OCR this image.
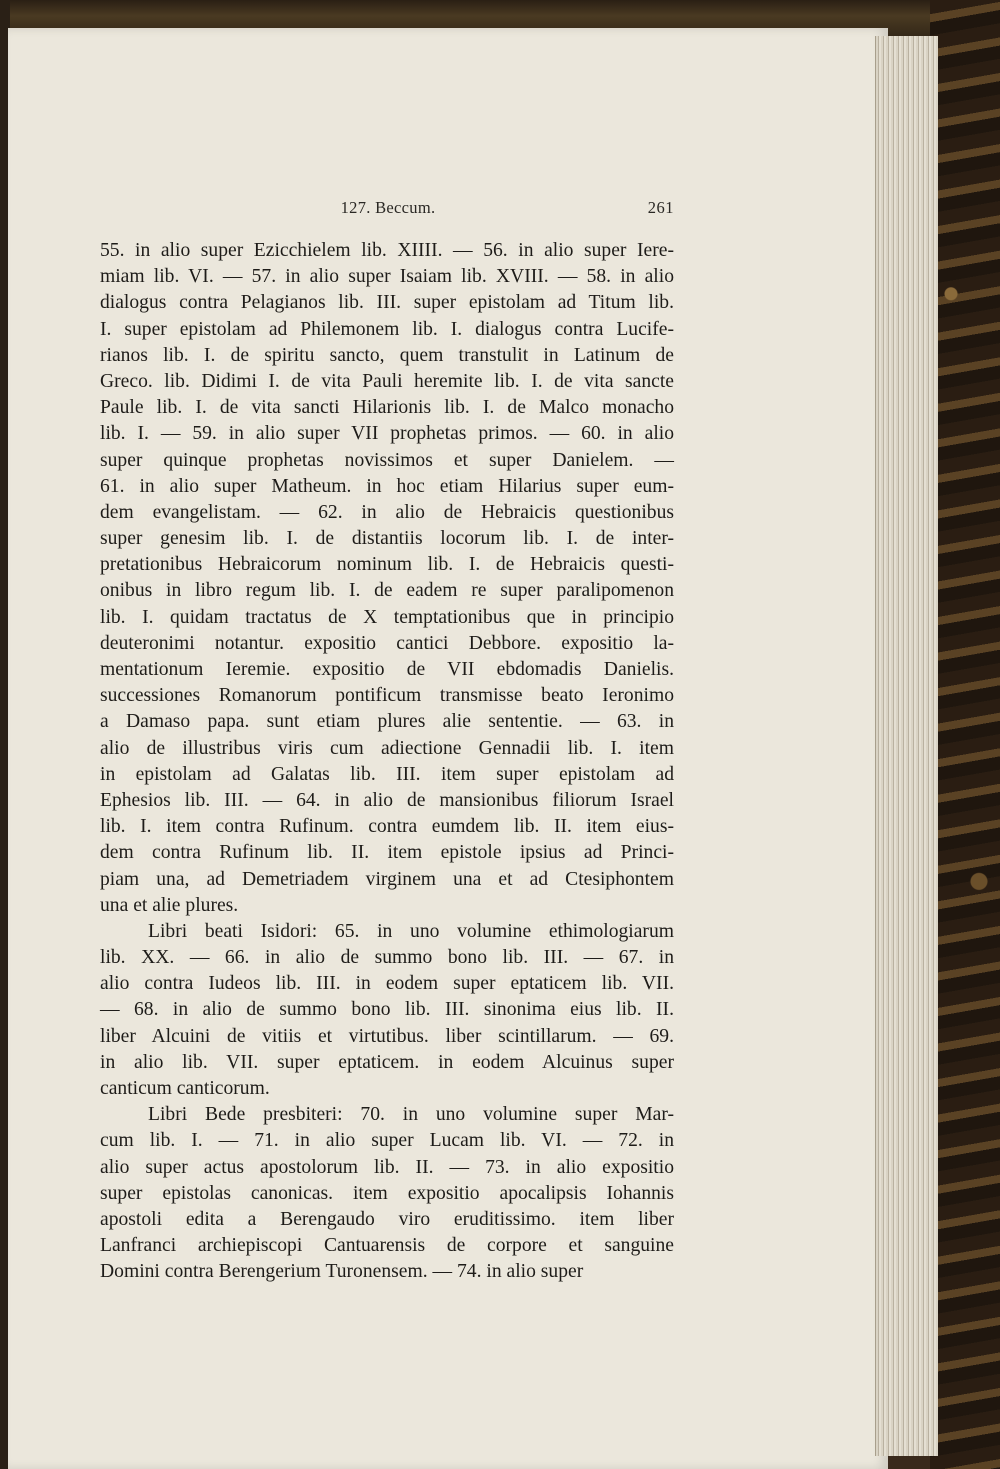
127. Beccum.	261
55. in alio super Ezicchielem lib. XIIII. — 56. in alio super Iere-
miam lib. VI. — 57. in alio super Isaiam lib. XVIII. — 58. in alio
dialogus contra Pelagianos lib. III. super epistolam ad Titum lib.
I. super epistolam ad Philemonem lib. I. dialogus contra Lucife-
rianos lib. I. de spiritu sancto, quem transtulit in Latinum de
Greco. lib. Didimi I. de vita Pauli heremite lib. I. de vita sancte
Paule lib. I. de vita sancti Hilarionis lib. I. de Malco monacho
lib. I. — 59. in alio super VII prophetas primos. — 60. in alio
super quinque prophetas novissimos et super Danielem. —
61. in alio super Matheum. in hoc etiam Hilarius super eum-
dem evangelistam. — 62. in alio de Hebraicis questionibus
super genesim lib. I. de distantiis locorum lib. I. de inter-
pretationibus Hebraicorum nominum lib. I. de Hebraicis questi-
onibus in libro regum lib. I. de eadem re super paralipomenon
lib. I. quidam tractatus de X temptationibus que in principio
deuteronimi notantur. expositio cantici Debbore. expositio la-
mentationum Ieremie. expositio de VII ebdomadis Danielis.
successiones Romanorum pontificum transmisse beato Ieronimo
a Damaso papa. sunt etiam plures alie sententie. — 63. in
alio de illustribus viris cum adiectione Gennadii lib. I. item
in epistolam ad Galatas lib. III. item super epistolam ad
Ephesios lib. III. — 64. in alio de mansionibus filiorum Israel
lib. I. item contra Rufinum. contra eumdem lib. II. item eius-
dem contra Rufinum lib. II. item epistole ipsius ad Princi-
piam una, ad Demetriadem virginem una et ad Ctesiphontem
una et alie plures.
Libri beati Isidori: 65. in uno volumine ethimologiarum
lib. XX. — 66. in alio de summo bono lib. III. — 67. in
alio contra Iudeos lib. III. in eodem super eptaticem lib. VII.
— 68. in alio de summo bono lib. III. sinonima eius lib. II.
liber Alcuini de vitiis et virtutibus. liber scintillarum. — 69.
in alio lib. VII. super eptaticem. in eodem Alcuinus super
canticum canticorum.
Libri Bede presbiteri: 70. in uno volumine super Mar-
cum lib. I. — 71. in alio super Lucam lib. VI. — 72. in
alio super actus apostolorum lib. II. — 73. in alio expositio
super epistolas canonicas. item expositio apocalipsis Iohannis
apostoli edita a Berengaudo viro eruditissimo. item liber
Lanfranci archiepiscopi Cantuarensis de corpore et sanguine
Domini contra Berengerium Turonensem. — 74. in alio super
